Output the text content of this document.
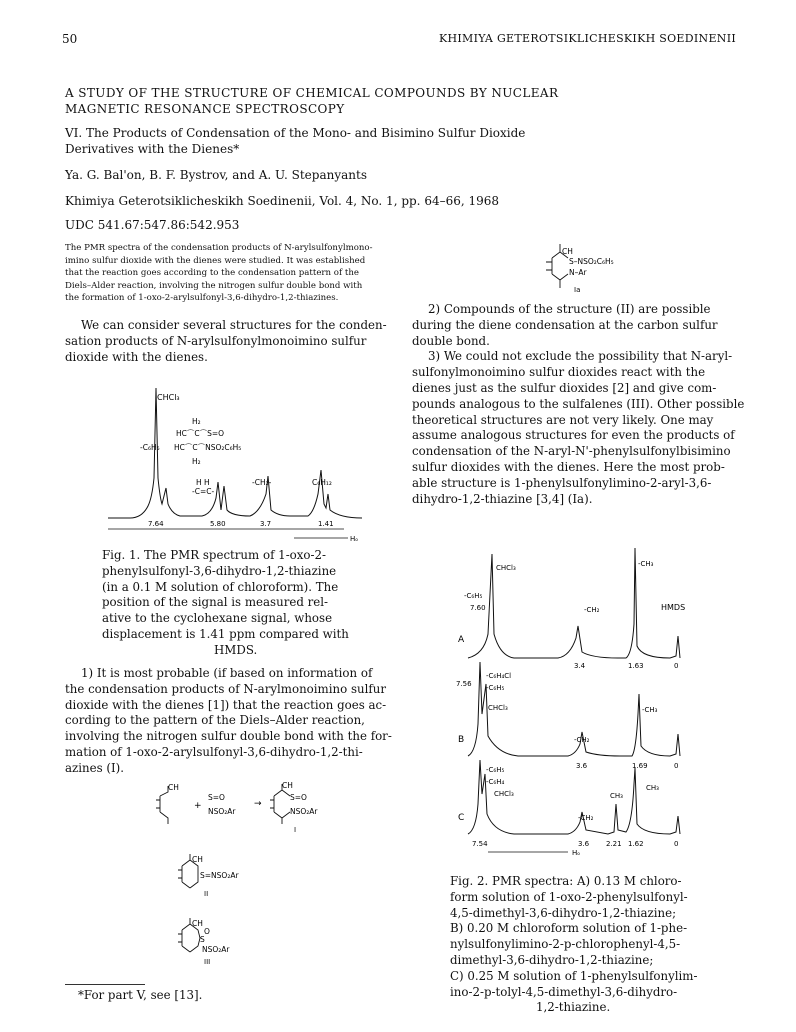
50	KHIMIYA GETEROTSIKLICHESKIKH SOEDINENII
A STUDY OF THE STRUCTURE OF CHEMICAL COMPOUNDS BY NUCLEAR
MAGNETIC RESONANCE SPECTROSCOPY
VI. The Products of Condensation of the Mono- and Bisimino Sulfur Dioxide
Derivatives with the Dienes*
Ya. G. Bal'on, B. F. Bystrov, and A. U. Stepanyants
Khimiya Geterotsiklicheskikh Soedinenii, Vol. 4, No. 1, pp. 64–66, 1968
UDC 541.67:547.86:542.953
The PMR spectra of the condensation products of N-arylsulfonylmono-
imino sulfur dioxide with the dienes were studied. It was established
that the reaction goes according to the condensation pattern of the
Diels–Alder reaction, involving the nitrogen sulfur double bond with
the formation of 1-oxo-2-arylsulfonyl-3,6-dihydro-1,2-thiazines.
We can consider several structures for the conden-
sation products of N-arylsulfonylmonoimino sulfur
dioxide with the dienes.
CHCl₃
H₂
HC⌒C⌒S=O
-C₆H₅ HC⌒C⌒NSO₂C₆H₅
H₂
H H
-C=C-
-CH₂-	C₆H₁₂
7.64	5.80	3.7	1.41
Hₒ
Fig. 1. The PMR spectrum of 1-oxo-2-
phenylsulfonyl-3,6-dihydro-1,2-thiazine
(in a 0.1 M solution of chloroform). The
position of the signal is measured rel-
ative to the cyclohexane signal, whose
displacement is 1.41 ppm compared with
HMDS.
1) It is most probable (if based on information of
the condensation products of N-arylmonoimino sulfur
dioxide with the dienes [1]) that the reaction goes ac-
cording to the pattern of the Diels–Alder reaction,
involving the nitrogen sulfur double bond with the for-
mation of 1-oxo-2-arylsulfonyl-3,6-dihydro-1,2-thi-
azines (I).
CH
S=O
+
NSO₂Ar
→
CH
S=O
NSO₂Ar
I
CH
S=NSO₂Ar
II
CH
O
S
NSO₂Ar
III
*For part V, see [13].
CH
S–NSO₂C₆H₅
N–Ar
Ia
2) Compounds of the structure (II) are possible
during the diene condensation at the carbon sulfur
double bond.
3) We could not exclude the possibility that N-aryl-
sulfonylmonoimino sulfur dioxides react with the
dienes just as the sulfur dioxides [2] and give com-
pounds analogous to the sulfalenes (III). Other possible
theoretical structures are not very likely. One may
assume analogous structures for even the products of
condensation of the N-aryl-N'-phenylsulfonylbisimino
sulfur dioxides with the dienes. Here the most prob-
able structure is 1-phenylsulfonylimino-2-aryl-3,6-
dihydro-1,2-thiazine [3,4] (Ia).
HMDS
A
B
C
CHCl₃
-C₆H₅
7.60
-CH₃
-CH₂
3.4	1.63	0
7.56
-C₆H₄Cl
-C₆H₅
CHCl₃	-CH₃
-CH₂
3.6	1.69	0
-C₆H₅
-C₆H₄
CHCl₃	CH₃
CH₃
-CH₂
7.54	3.6 2.21 1.62	0
Hₒ
Fig. 2. PMR spectra: A) 0.13 M chloro-
form solution of 1-oxo-2-phenylsulfonyl-
4,5-dimethyl-3,6-dihydro-1,2-thiazine;
B) 0.20 M chloroform solution of 1-phe-
nylsulfonylimino-2-p-chlorophenyl-4,5-
dimethyl-3,6-dihydro-1,2-thiazine;
C) 0.25 M solution of 1-phenylsulfonylim-
ino-2-p-tolyl-4,5-dimethyl-3,6-dihydro-
1,2-thiazine.
